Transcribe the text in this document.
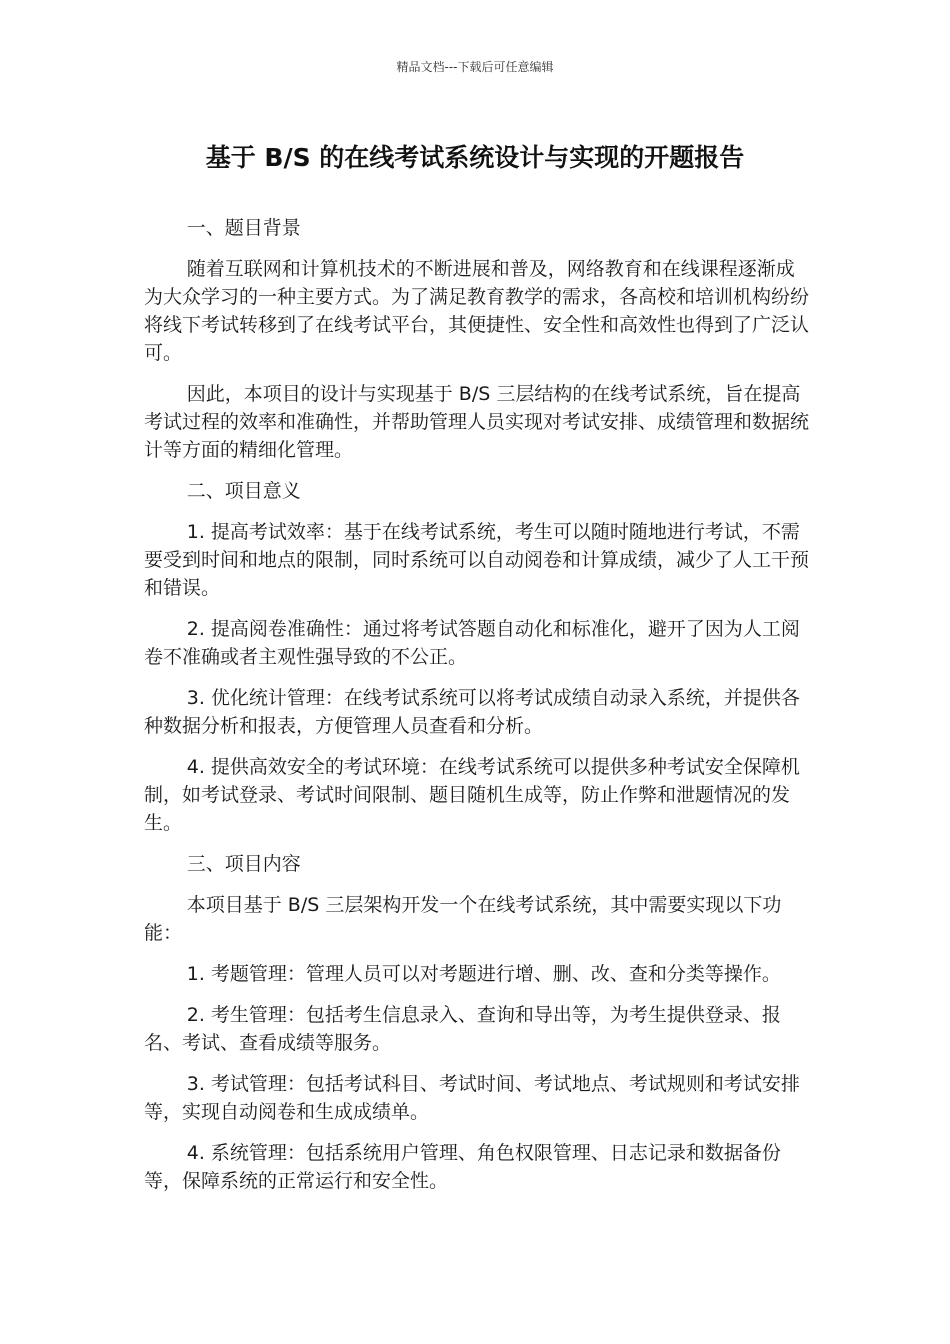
精品文档---下载后可任意编辑
基于 B/S 的在线考试系统设计与实现的开题报告

一、题目背景

随着互联网和计算机技术的不断进展和普及，网络教育和在线课程逐渐成为大众学习的一种主要方式。为了满足教育教学的需求，各高校和培训机构纷纷将线下考试转移到了在线考试平台，其便捷性、安全性和高效性也得到了广泛认可。

因此，本项目的设计与实现基于 B/S 三层结构的在线考试系统，旨在提高考试过程的效率和准确性，并帮助管理人员实现对考试安排、成绩管理和数据统计等方面的精细化管理。

二、项目意义

1. 提高考试效率：基于在线考试系统，考生可以随时随地进行考试，不需要受到时间和地点的限制，同时系统可以自动阅卷和计算成绩，减少了人工干预和错误。

2. 提高阅卷准确性：通过将考试答题自动化和标准化，避开了因为人工阅卷不准确或者主观性强导致的不公正。

3. 优化统计管理：在线考试系统可以将考试成绩自动录入系统，并提供各种数据分析和报表，方便管理人员查看和分析。

4. 提供高效安全的考试环境：在线考试系统可以提供多种考试安全保障机制，如考试登录、考试时间限制、题目随机生成等，防止作弊和泄题情况的发生。

三、项目内容

本项目基于 B/S 三层架构开发一个在线考试系统，其中需要实现以下功能：

1. 考题管理：管理人员可以对考题进行增、删、改、查和分类等操作。

2. 考生管理：包括考生信息录入、查询和导出等，为考生提供登录、报名、考试、查看成绩等服务。

3. 考试管理：包括考试科目、考试时间、考试地点、考试规则和考试安排等，实现自动阅卷和生成成绩单。

4. 系统管理：包括系统用户管理、角色权限管理、日志记录和数据备份等，保障系统的正常运行和安全性。
